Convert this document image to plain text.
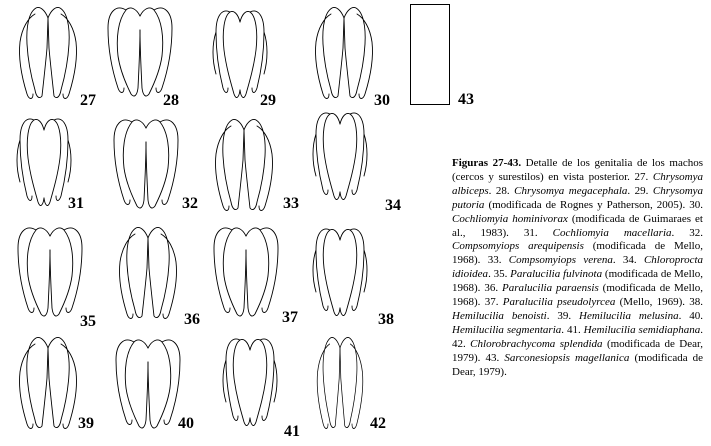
27	28	29	30	43
31	32	33	34
35	36	37	38
39	40	41	42
Figuras 27-43. Detalle de los genitalia de los machos (cercos y surestilos) en vista posterior. 27. Chrysomya albiceps. 28. Chrysomya megacephala. 29. Chrysomya putoria (modificada de Rognes y Patherson, 2005). 30. Cochliomyia hominivorax (modificada de Guimaraes et al., 1983). 31. Cochliomyia macellaria. 32. Compsomyiops arequipensis (modificada de Mello, 1968). 33. Compsomyiops verena. 34. Chloroprocta idioidea. 35. Paralucilia fulvinota (modificada de Mello, 1968). 36. Paralucilia paraensis (modificada de Mello, 1968). 37. Paralucilia pseudolyrcea (Mello, 1969). 38. Hemilucilia benoisti. 39. Hemilucilia melusina. 40. Hemilucilia segmentaria. 41. Hemilucilia semidiaphana. 42. Chlorobrachycoma splendida (modificada de Dear, 1979). 43. Sarconesiopsis magellanica (modificada de Dear, 1979).
